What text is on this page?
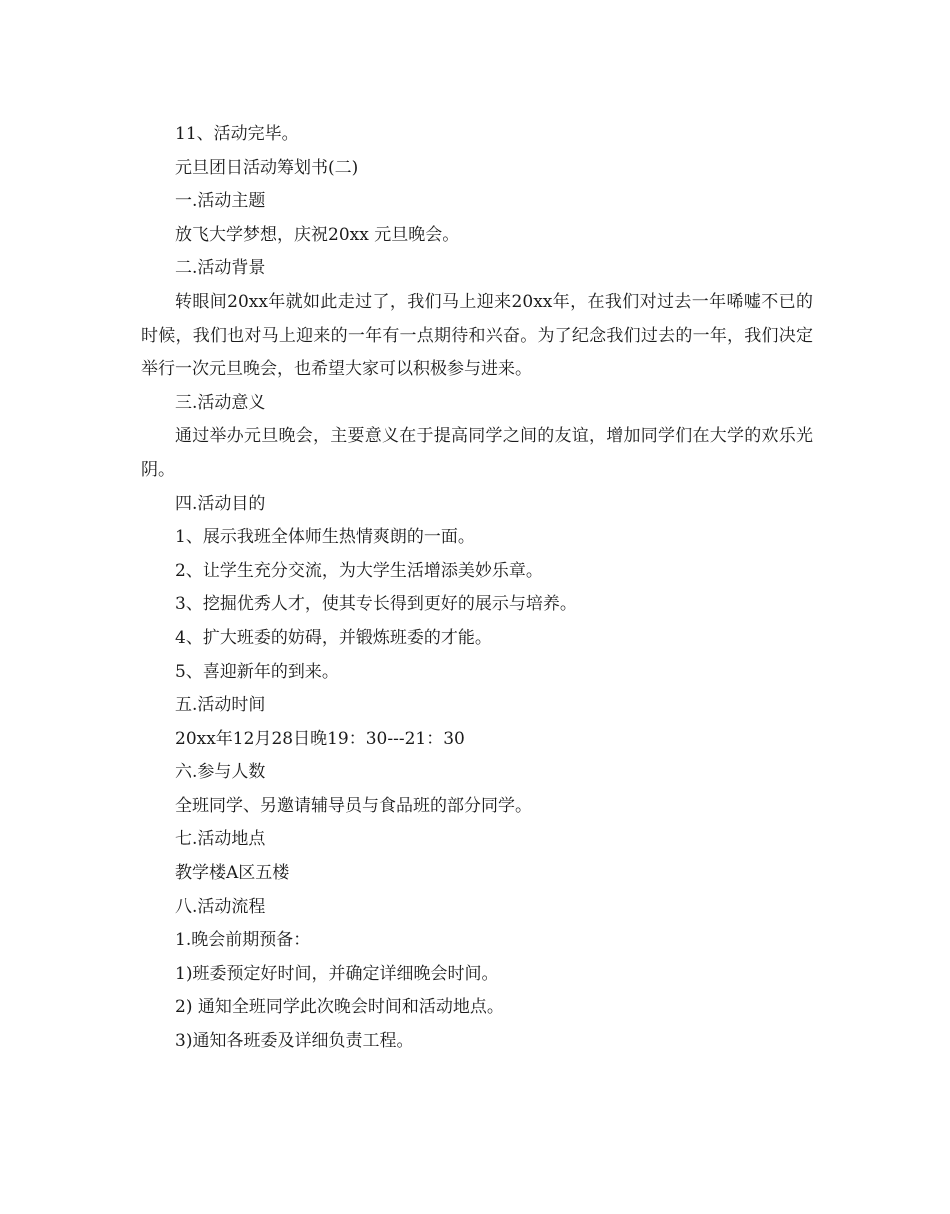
11、活动完毕。
元旦团日活动筹划书(二)
一.活动主题
放飞大学梦想，庆祝20xx 元旦晚会。
二.活动背景

转眼间20xx年就如此走过了，我们马上迎来20xx年，在我们对过去一年唏嘘不已的时候，我们也对马上迎来的一年有一点期待和兴奋。为了纪念我们过去的一年，我们决定举行一次元旦晚会，也希望大家可以积极参与进来。

三.活动意义

通过举办元旦晚会，主要意义在于提高同学之间的友谊，增加同学们在大学的欢乐光阴。

四.活动目的
1、展示我班全体师生热情爽朗的一面。
2、让学生充分交流，为大学生活增添美妙乐章。
3、挖掘优秀人才，使其专长得到更好的展示与培养。
4、扩大班委的妨碍，并锻炼班委的才能。
5、喜迎新年的到来。
五.活动时间
20xx年12月28日晚19：30---21：30
六.参与人数
全班同学、另邀请辅导员与食品班的部分同学。
七.活动地点
教学楼A区五楼
八.活动流程
1.晚会前期预备：
1)班委预定好时间，并确定详细晚会时间。
2) 通知全班同学此次晚会时间和活动地点。
3)通知各班委及详细负责工程。
